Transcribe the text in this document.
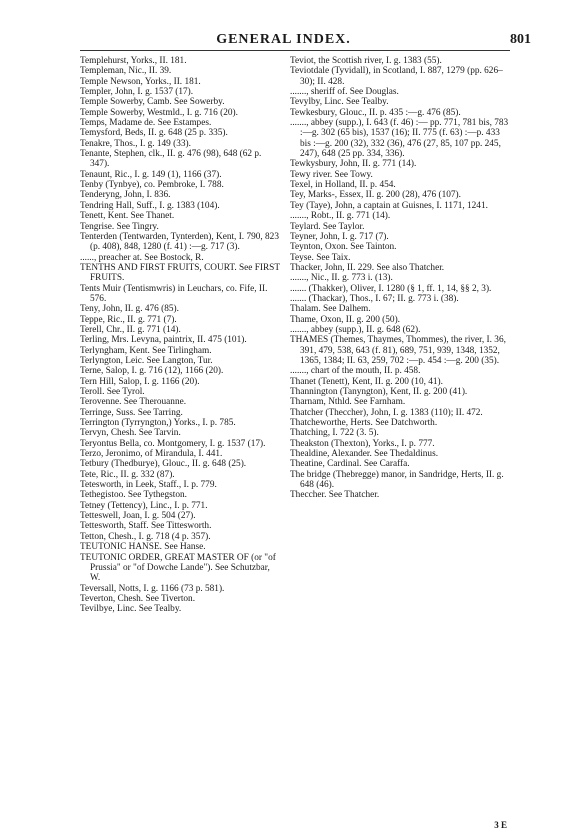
GENERAL INDEX.	801

Templehurst, Yorks., II. 181.

Templeman, Nic., II. 39.

Temple Newson, Yorks., II. 181.

Templer, John, I. g. 1537 (17).

Temple Sowerby, Camb. See Sowerby.

Temple Sowerby, Westmld., I. g. 716 (20).

Temps, Madame de. See Estampes.

Temysford, Beds, II. g. 648 (25 p. 335).

Tenakre, Thos., I. g. 149 (33).

Tenante, Stephen, clk., II. g. 476 (98), 648 (62 p. 347).

Tenaunt, Ric., I. g. 149 (1), 1166 (37).

Tenby (Tynbye), co. Pembroke, I. 788.

Tenderyng, John, I. 836.

Tendring Hall, Suff., I. g. 1383 (104).

Tenett, Kent. See Thanet.

Tengrise. See Tingry.

Tenterden (Tentwarden, Tynterden), Kent, I. 790, 823 (p. 408), 848, 1280 (f. 41) :—g. 717 (3).

......, preacher at. See Bostock, R.

TENTHS AND FIRST FRUITS, COURT. See FIRST FRUITS.

Tents Muir (Tentismwris) in Leuchars, co. Fife, II. 576.

Teny, John, II. g. 476 (85).

Teppe, Ric., II. g. 771 (7).

Terell, Chr., II. g. 771 (14).

Terling, Mrs. Levyna, paintrix, II. 475 (101).

Terlyngham, Kent. See Tirlingham.

Terlyngton, Leic. See Langton, Tur.

Terne, Salop, I. g. 716 (12), 1166 (20).

Tern Hill, Salop, I. g. 1166 (20).

Teroll. See Tyrol.

Terovenne. See Therouanne.

Terringe, Suss. See Tarring.

Terrington (Tyrryngton,) Yorks., I. p. 785.

Tervyn, Chesh. See Tarvin.

Teryontus Bella, co. Montgomery, I. g. 1537 (17).

Terzo, Jeronimo, of Mirandula, I. 441.

Tetbury (Thedburye), Glouc., II. g. 648 (25).

Tete, Ric., II. g. 332 (87).

Tetesworth, in Leek, Staff., I. p. 779.

Tethegistoo. See Tythegston.

Tetney (Tettency), Linc., I. p. 771.

Tetteswell, Joan, I. g. 504 (27).

Tettesworth, Staff. See Tittesworth.

Tetton, Chesh., I. g. 718 (4 p. 357).

TEUTONIC HANSE. See Hanse.

TEUTONIC ORDER, GREAT MASTER OF (or "of Prussia" or "of Dowche Lande"). See Schutzbar, W.

Teversall, Notts, I. g. 1166 (73 p. 581).

Teverton, Chesh. See Tiverton.

Tevilbye, Linc. See Tealby.

Teviot, the Scottish river, I. g. 1383 (55).

Teviotdale (Tyvidall), in Scotland, I. 887, 1279 (pp. 626–30); II. 428.

......., sheriff of. See Douglas.

Tevylby, Linc. See Tealby.

Tewkesbury, Glouc., II. p. 435 :—g. 476 (85).

......., abbey (supp.), I. 643 (f. 46) :— pp. 771, 781 bis, 783 :—g. 302 (65 bis), 1537 (16); II. 775 (f. 63) :—p. 433 bis :—g. 200 (32), 332 (36), 476 (27, 85, 107 pp. 245, 247), 648 (25 pp. 334, 336).

Tewkysbury, John, II. g. 771 (14).

Tewy river. See Towy.

Texel, in Holland, II. p. 454.

Tey, Marks-, Essex, II. g. 200 (28), 476 (107).

Tey (Taye), John, a captain at Guisnes, I. 1171, 1241.

......., Robt., II. g. 771 (14).

Teylard. See Taylor.

Teyner, John, I. g. 717 (7).

Teynton, Oxon. See Tainton.

Teyse. See Taix.

Thacker, John, II. 229. See also Thatcher.

......., Nic., II. g. 773 i. (13).

....... (Thakker), Oliver, I. 1280 (§ 1, ff. 1, 14, §§ 2, 3).

....... (Thackar), Thos., I. 67; II. g. 773 i. (38).

Thalam. See Dalhem.

Thame, Oxon, II. g. 200 (50).

......., abbey (supp.), II. g. 648 (62).

THAMES (Themes, Thaymes, Thommes), the river, I. 36, 391, 479, 538, 643 (f. 81), 689, 751, 939, 1348, 1352, 1365, 1384; II. 63, 259, 702 :—p. 454 :—g. 200 (35).

......., chart of the mouth, II. p. 458.

Thanet (Tenett), Kent, II. g. 200 (10, 41).

Thannington (Tanyngton), Kent, II. g. 200 (41).

Tharnam, Nthld. See Farnham.

Thatcher (Theccher), John, I. g. 1383 (110); II. 472.

Thatcheworthe, Herts. See Datchworth.

Thatching, I. 722 (3. 5).

Theakston (Thexton), Yorks., I. p. 777.

Thealdine, Alexander. See Thedaldinus.

Theatine, Cardinal. See Caraffa.

The bridge (Thebregge) manor, in Sandridge, Herts, II. g. 648 (46).

Theccher. See Thatcher.

3 E
